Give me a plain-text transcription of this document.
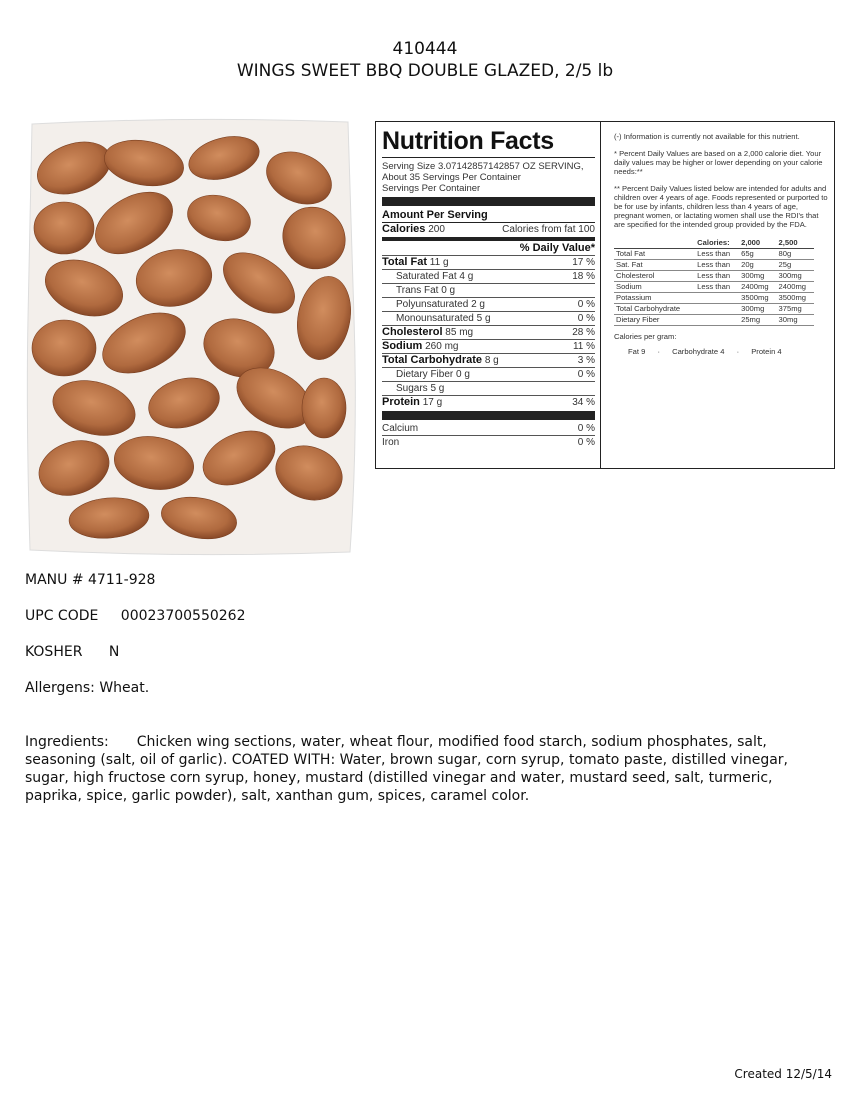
410444
WINGS SWEET BBQ DOUBLE GLAZED, 2/5 lb
Nutrition Facts
Serving Size 3.07142857142857 OZ SERVING,
About 35 Servings Per Container
Servings Per Container
Amount Per Serving
Calories 200	Calories from fat 100
% Daily Value*
Total Fat 11 g	17 %
Saturated Fat 4 g	18 %
Trans Fat 0 g
Polyunsaturated 2 g	0 %
Monounsaturated 5 g	0 %
Cholesterol 85 mg	28 %
Sodium 260 mg	11 %
Total Carbohydrate 8 g	3 %
Dietary Fiber 0 g	0 %
Sugars 5 g
Protein 17 g	34 %
Calcium	0 %
Iron	0 %

(-) Information is currently not available for this nutrient.

* Percent Daily Values are based on a 2,000 calorie diet. Your daily values may be higher or lower depending on your calorie needs:**

** Percent Daily Values listed below are intended for adults and children over 4 years of age. Foods represented or purported to be for use by infants, children less than 4 years of age, pregnant women, or lactating women shall use the RDI's that are specified for the intended group provided by the FDA.

	Calories:	2,000	2,500
Total Fat	Less than	65g	80g
Sat. Fat	Less than	20g	25g
Cholesterol	Less than	300mg	300mg
Sodium	Less than	2400mg	2400mg
Potassium		3500mg	3500mg
Total Carbohydrate		300mg	375mg
Dietary Fiber		25mg	30mg
Calories per gram:
Fat 9 · Carbohydrate 4 · Protein 4
MANU # 4711-928
UPC CODE 00023700550262
KOSHER N
Allergens: Wheat.
Ingredients: Chicken wing sections, water, wheat flour, modified food starch, sodium phosphates, salt, seasoning (salt, oil of garlic). COATED WITH: Water, brown sugar, corn syrup, tomato paste, distilled vinegar, sugar, high fructose corn syrup, honey, mustard (distilled vinegar and water, mustard seed, salt, turmeric, paprika, spice, garlic powder), salt, xanthan gum, spices, caramel color.
Created 12/5/14
